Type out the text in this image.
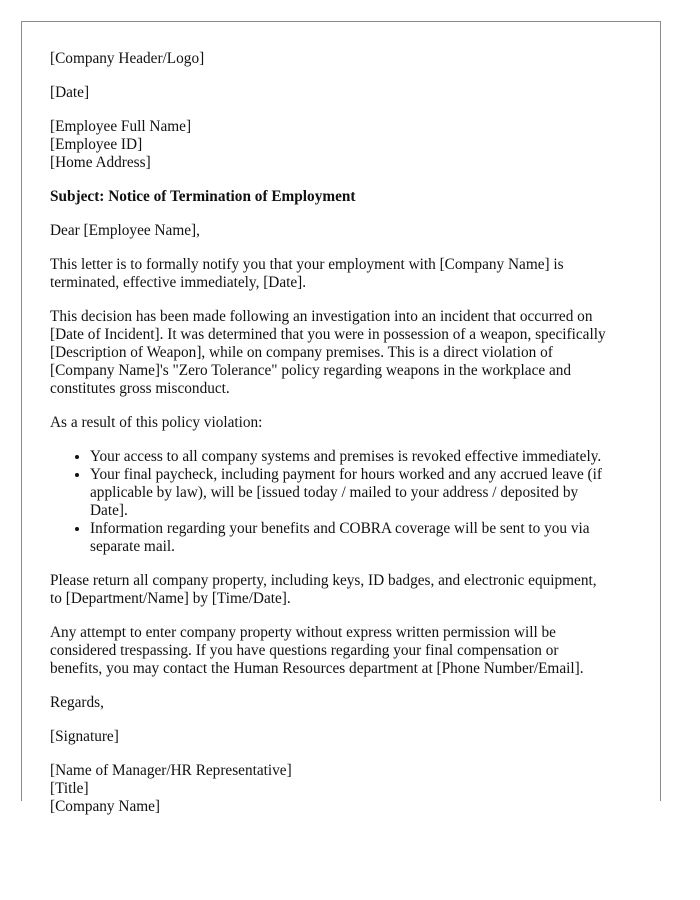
[Company Header/Logo]

[Date]

[Employee Full Name]
[Employee ID]
[Home Address]

Subject: Notice of Termination of Employment

Dear [Employee Name],

This letter is to formally notify you that your employment with [Company Name] is
terminated, effective immediately, [Date].

This decision has been made following an investigation into an incident that occurred on
[Date of Incident]. It was determined that you were in possession of a weapon, specifically
[Description of Weapon], while on company premises. This is a direct violation of
[Company Name]'s "Zero Tolerance" policy regarding weapons in the workplace and
constitutes gross misconduct.

As a result of this policy violation:

• Your access to all company systems and premises is revoked effective immediately.
• Your final paycheck, including payment for hours worked and any accrued leave (if
applicable by law), will be [issued today / mailed to your address / deposited by
Date].
• Information regarding your benefits and COBRA coverage will be sent to you via
separate mail.

Please return all company property, including keys, ID badges, and electronic equipment,
to [Department/Name] by [Time/Date].

Any attempt to enter company property without express written permission will be
considered trespassing. If you have questions regarding your final compensation or
benefits, you may contact the Human Resources department at [Phone Number/Email].

Regards,

[Signature]

[Name of Manager/HR Representative]
[Title]
[Company Name]
